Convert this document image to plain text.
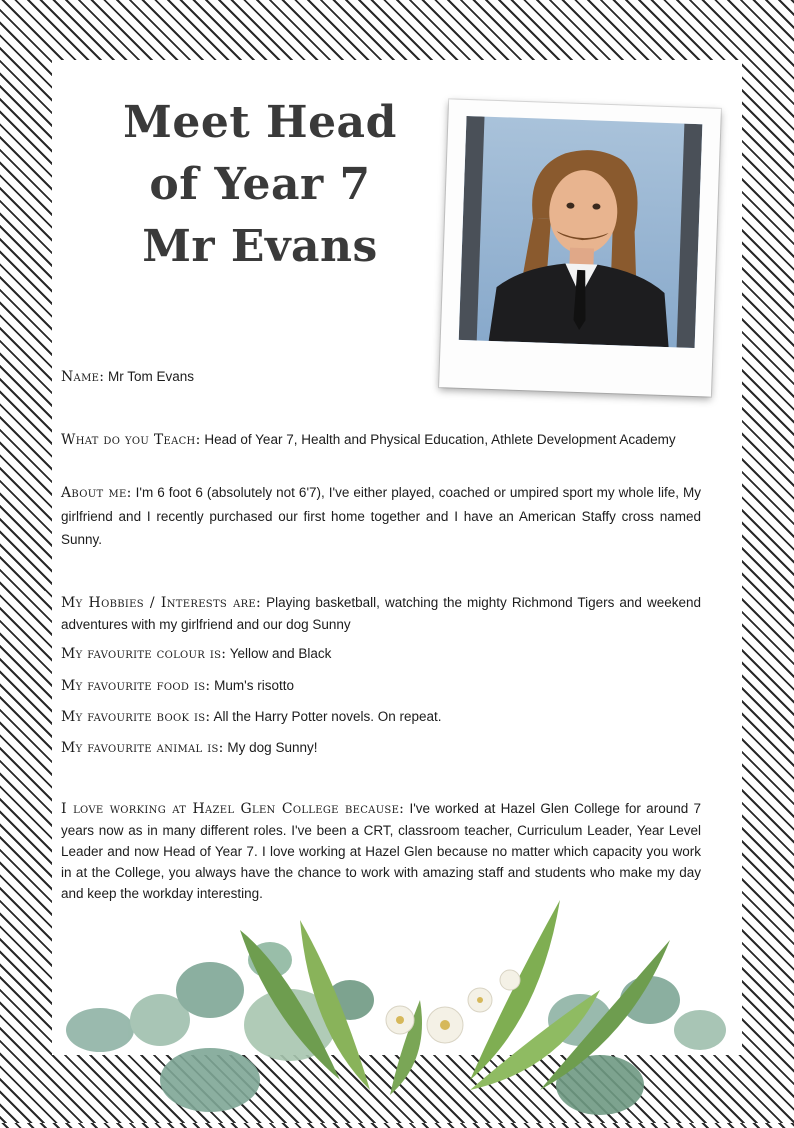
Meet Head
of Year 7
Mr Evans
Name: Mr Tom Evans
What do you Teach: Head of Year 7, Health and Physical Education, Athlete Development Academy
About me: I'm 6 foot 6 (absolutely not 6'7), I've either played, coached or umpired sport my whole life, My girlfriend and I recently purchased our first home together and I have an American Staffy cross named Sunny.
My Hobbies / Interests are: Playing basketball, watching the mighty Richmond Tigers and weekend adventures with my girlfriend and our dog Sunny
My favourite colour is: Yellow and Black
My favourite food is: Mum's risotto
My favourite book is: All the Harry Potter novels. On repeat.
My favourite animal is: My dog Sunny!
I love working at Hazel Glen College because: I've worked at Hazel Glen College for around 7 years now as in many different roles. I've been a CRT, classroom teacher, Curriculum Leader, Year Level Leader and now Head of Year 7. I love working at Hazel Glen because no matter which capacity you work in at the College, you always have the chance to work with amazing staff and students who make my day and keep the workday interesting.
